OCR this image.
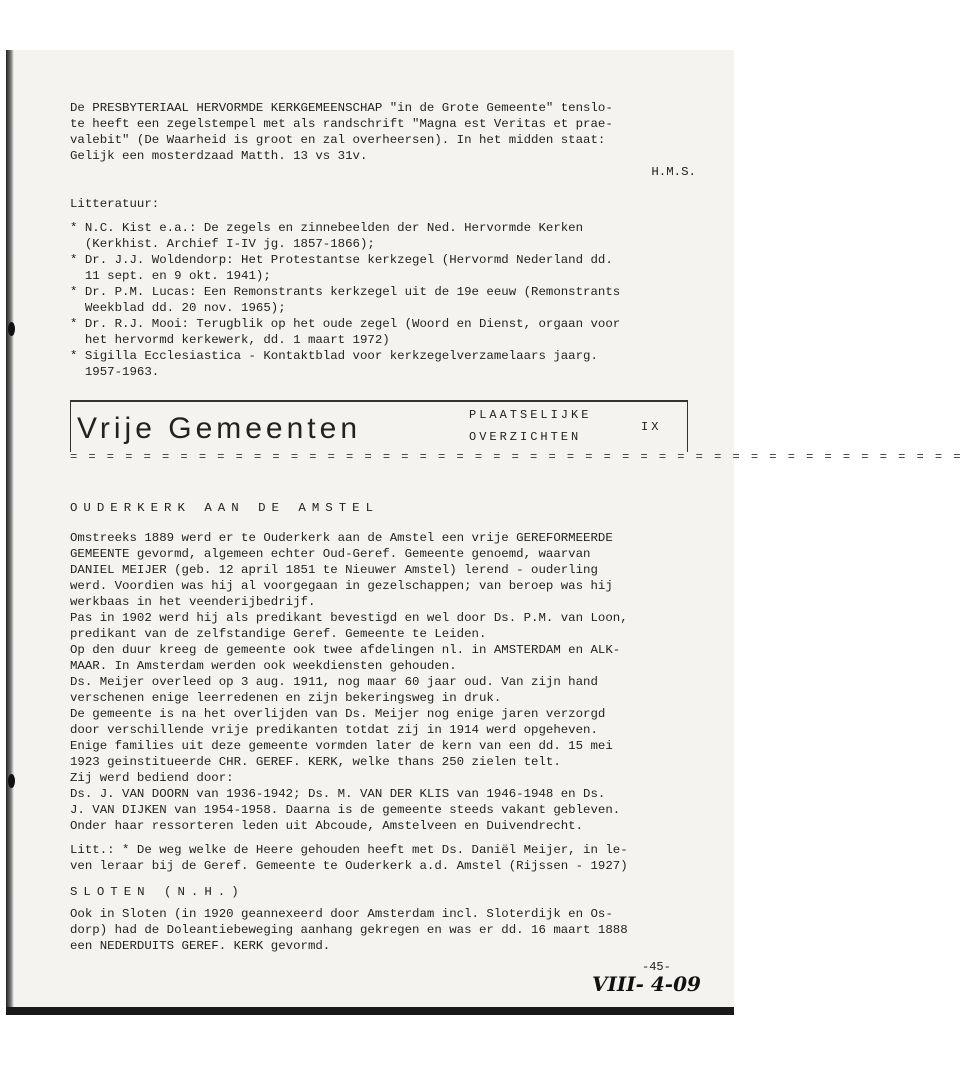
De PRESBYTERIAAL HERVORMDE KERKGEMEENSCHAP "in de Grote Gemeente" tenslo-
te heeft een zegelstempel met als randschrift "Magna est Veritas et prae-
valebit" (De Waarheid is groot en zal overheersen). In het midden staat:
Gelijk een mosterdzaad Matth. 13 vs 31v.
H.M.S.
Litteratuur:
* N.C. Kist e.a.: De zegels en zinnebeelden der Ned. Hervormde Kerken
(Kerkhist. Archief I-IV jg. 1857-1866);
* Dr. J.J. Woldendorp: Het Protestantse kerkzegel (Hervormd Nederland dd.
11 sept. en 9 okt. 1941);
* Dr. P.M. Lucas: Een Remonstrants kerkzegel uit de 19e eeuw (Remonstrants
Weekblad dd. 20 nov. 1965);
* Dr. R.J. Mooi: Terugblik op het oude zegel (Woord en Dienst, orgaan voor
het hervormd kerkewerk, dd. 1 maart 1972)
* Sigilla Ecclesiastica - Kontaktblad voor kerkzegelverzamelaars jaarg.
1957-1963.
Vrije Gemeenten	PLAATSELIJKE
OVERZICHTEN
IX
= = = = = = = = = = = = = = = = = = = = = = = = = = = = = = = = = = = = = = = = = = = = = = = = =
OUDERKERK AAN DE AMSTEL
Omstreeks 1889 werd er te Ouderkerk aan de Amstel een vrije GEREFORMEERDE
GEMEENTE gevormd, algemeen echter Oud-Geref. Gemeente genoemd, waarvan
DANIEL MEIJER (geb. 12 april 1851 te Nieuwer Amstel) lerend - ouderling
werd. Voordien was hij al voorgegaan in gezelschappen; van beroep was hij
werkbaas in het veenderijbedrijf.
Pas in 1902 werd hij als predikant bevestigd en wel door Ds. P.M. van Loon,
predikant van de zelfstandige Geref. Gemeente te Leiden.
Op den duur kreeg de gemeente ook twee afdelingen nl. in AMSTERDAM en ALK-
MAAR. In Amsterdam werden ook weekdiensten gehouden.
Ds. Meijer overleed op 3 aug. 1911, nog maar 60 jaar oud. Van zijn hand
verschenen enige leerredenen en zijn bekeringsweg in druk.
De gemeente is na het overlijden van Ds. Meijer nog enige jaren verzorgd
door verschillende vrije predikanten totdat zij in 1914 werd opgeheven.
Enige families uit deze gemeente vormden later de kern van een dd. 15 mei
1923 geinstitueerde CHR. GEREF. KERK, welke thans 250 zielen telt.
Zij werd bediend door:
Ds. J. VAN DOORN van 1936-1942; Ds. M. VAN DER KLIS van 1946-1948 en Ds.
J. VAN DIJKEN van 1954-1958. Daarna is de gemeente steeds vakant gebleven.
Onder haar ressorteren leden uit Abcoude, Amstelveen en Duivendrecht.
Litt.: * De weg welke de Heere gehouden heeft met Ds. Daniël Meijer, in le-
ven leraar bij de Geref. Gemeente te Ouderkerk a.d. Amstel (Rijssen - 1927)
SLOTEN (N.H.)
Ook in Sloten (in 1920 geannexeerd door Amsterdam incl. Sloterdijk en Os-
dorp) had de Doleantiebeweging aanhang gekregen en was er dd. 16 maart 1888
een NEDERDUITS GEREF. KERK gevormd.
-45-
VIII- 4-09
